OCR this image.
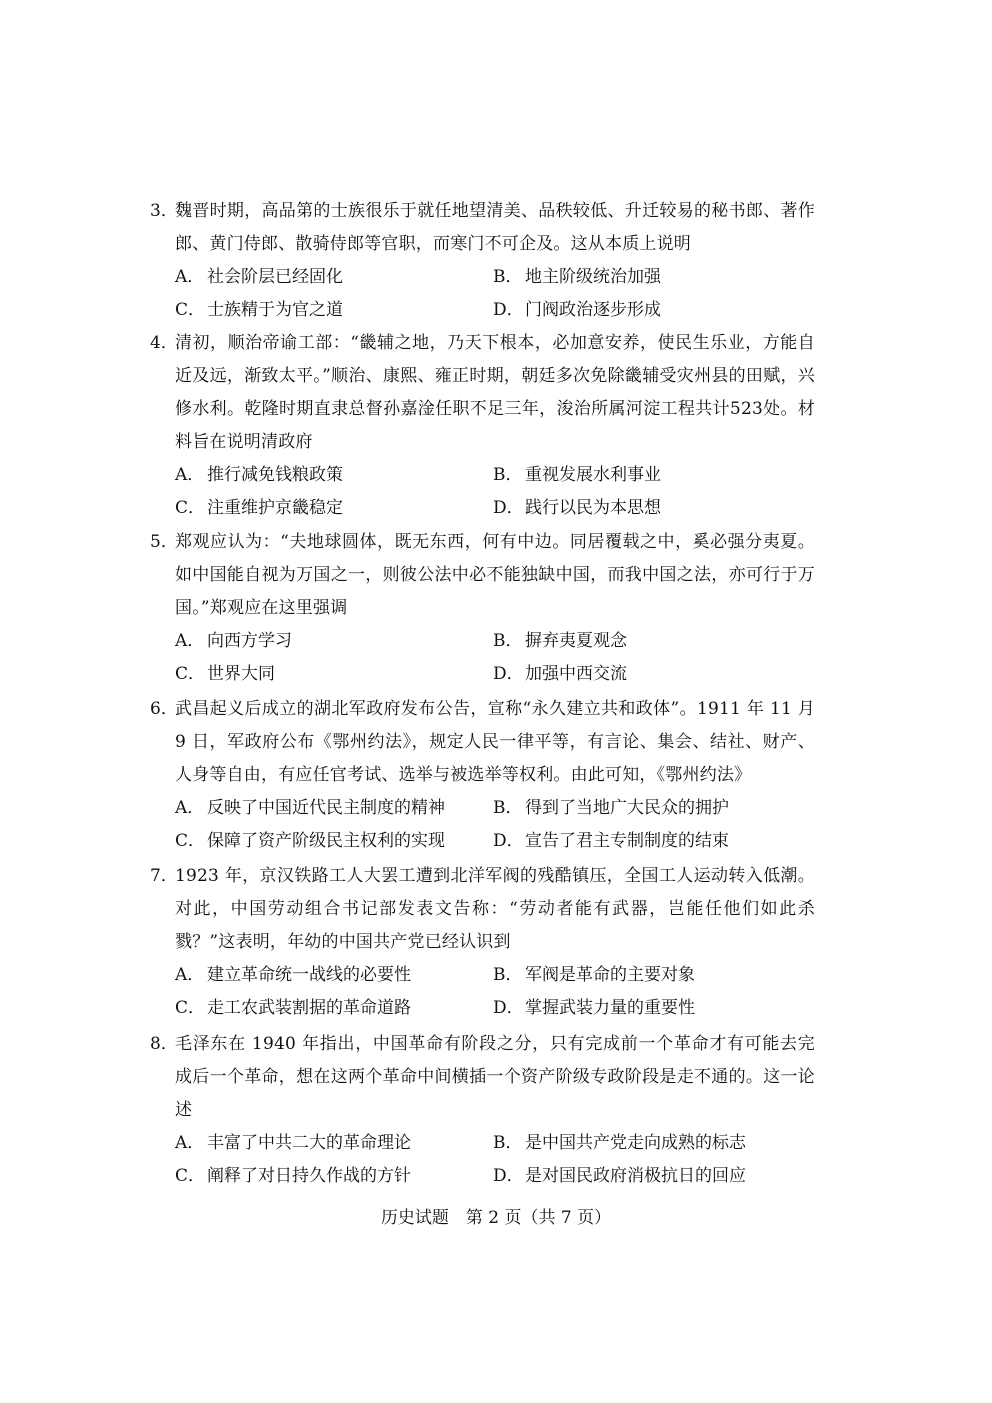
3．
魏晋时期，高品第的士族很乐于就任地望清美、品秩较低、升迁较易的秘书郎、著作郎、黄门侍郎、散骑侍郎等官职，而寒门不可企及。这从本质上说明
A． 社会阶层已经固化	B． 地主阶级统治加强
C． 士族精于为官之道	D．门阀政治逐步形成
4．
清初，顺治帝谕工部：“畿辅之地，乃天下根本，必加意安养，使民生乐业，方能自近及远，渐致太平。”顺治、康熙、雍正时期，朝廷多次免除畿辅受灾州县的田赋，兴修水利。乾隆时期直隶总督孙嘉淦任职不足三年，浚治所属河淀工程共计523处。材料旨在说明清政府
A． 推行减免钱粮政策	B． 重视发展水利事业
C． 注重维护京畿稳定	D．践行以民为本思想
5．
郑观应认为：“夫地球圆体，既无东西，何有中边。同居覆载之中，奚必强分夷夏。如中国能自视为万国之一，则彼公法中必不能独缺中国，而我中国之法，亦可行于万国。”郑观应在这里强调
A． 向西方学习	B． 摒弃夷夏观念
C． 世界大同	D．加强中西交流
6．
武昌起义后成立的湖北军政府发布公告，宣称“永久建立共和政体”。1911 年 11 月 9 日，军政府公布《鄂州约法》，规定人民一律平等，有言论、集会、结社、财产、人身等自由，有应任官考试、选举与被选举等权利。由此可知，《鄂州约法》
A． 反映了中国近代民主制度的精神	B． 得到了当地广大民众的拥护
C． 保障了资产阶级民主权利的实现	D．宣告了君主专制制度的结束
7．
1923 年，京汉铁路工人大罢工遭到北洋军阀的残酷镇压，全国工人运动转入低潮。对此，中国劳动组合书记部发表文告称：“劳动者能有武器，岂能任他们如此杀戮？”这表明，年幼的中国共产党已经认识到
A． 建立革命统一战线的必要性	B． 军阀是革命的主要对象
C． 走工农武装割据的革命道路	D．掌握武装力量的重要性
8．
毛泽东在 1940 年指出，中国革命有阶段之分，只有完成前一个革命才有可能去完成后一个革命，想在这两个革命中间横插一个资产阶级专政阶段是走不通的。这一论述
A． 丰富了中共二大的革命理论	B． 是中国共产党走向成熟的标志
C． 阐释了对日持久作战的方针	D．是对国民政府消极抗日的回应
历史试题　第 2 页（共 7 页）
